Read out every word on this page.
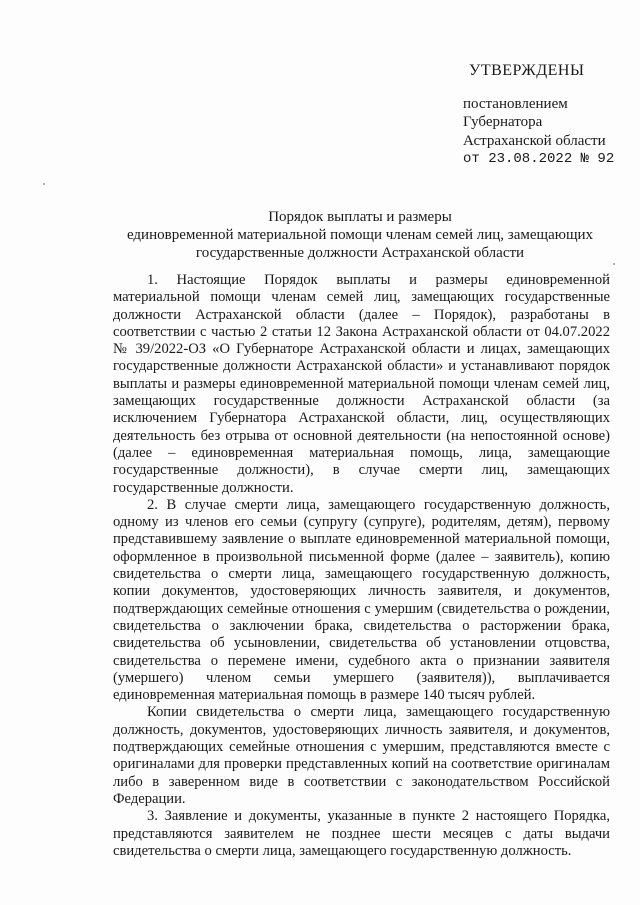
УТВЕРЖДЕНЫ
постановлением
Губернатора
Астраханской области
от 23.08.2022 № 92
Порядок выплаты и размеры
единовременной материальной помощи членам семей лиц, замещающих
государственные должности Астраханской области

1. Настоящие Порядок выплаты и размеры единовременной материальной помощи членам семей лиц, замещающих государственные должности Астраханской области (далее – Порядок), разработаны в соответствии с частью 2 статьи 12 Закона Астраханской области от 04.07.2022 № 39/2022-ОЗ «О Губернаторе Астраханской области и лицах, замещающих государственные должности Астраханской области» и устанавливают порядок выплаты и размеры единовременной материальной помощи членам семей лиц, замещающих государственные должности Астраханской области (за исключением Губернатора Астраханской области, лиц, осуществляющих деятельность без отрыва от основной деятельности (на непостоянной основе) (далее – единовременная материальная помощь, лица, замещающие государственные должности), в случае смерти лиц, замещающих государственные должности.

2. В случае смерти лица, замещающего государственную должность, одному из членов его семьи (супругу (супруге), родителям, детям), первому представившему заявление о выплате единовременной материальной помощи, оформленное в произвольной письменной форме (далее – заявитель), копию свидетельства о смерти лица, замещающего государственную должность, копии документов, удостоверяющих личность заявителя, и документов, подтверждающих семейные отношения с умершим (свидетельства о рождении, свидетельства о заключении брака, свидетельства о расторжении брака, свидетельства об усыновлении, свидетельства об установлении отцовства, свидетельства о перемене имени, судебного акта о признании заявителя (умершего) членом семьи умершего (заявителя)), выплачивается единовременная материальная помощь в размере 140 тысяч рублей.

Копии свидетельства о смерти лица, замещающего государственную должность, документов, удостоверяющих личность заявителя, и документов, подтверждающих семейные отношения с умершим, представляются вместе с оригиналами для проверки представленных копий на соответствие оригиналам либо в заверенном виде в соответствии с законодательством Российской Федерации.

3. Заявление и документы, указанные в пункте 2 настоящего Порядка, представляются заявителем не позднее шести месяцев с даты выдачи свидетельства о смерти лица, замещающего государственную должность.
